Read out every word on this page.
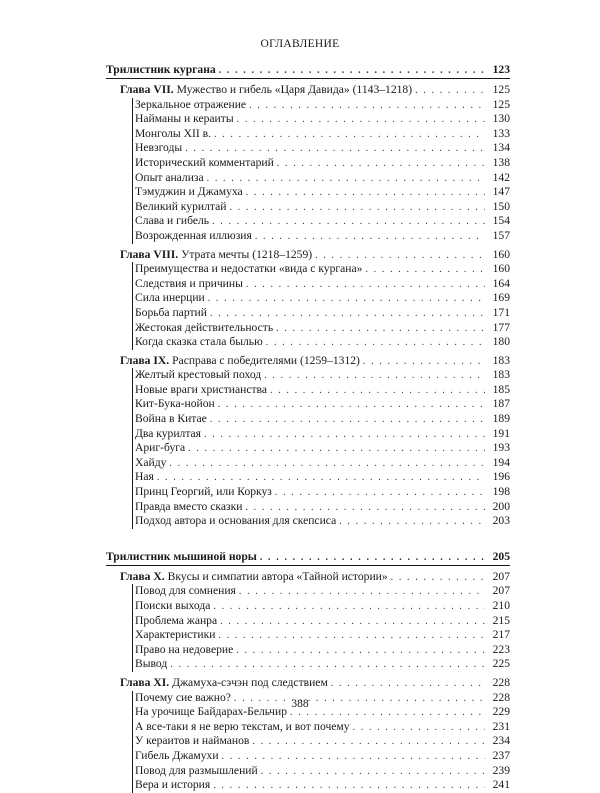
ОГЛАВЛЕНИЕ
Трилистник кургана . . .	123
Глава VII. Мужество и гибель «Царя Давида» (1143–1218) . . .	125
Зеркальное отражение . . .	125
Найманы и кераиты . . .	130
Монголы XII в. . . .	133
Невзгоды . . .	134
Исторический комментарий . . .	138
Опыт анализа . . .	142
Тэмуджин и Джамуха . . .	147
Великий курилтай . . .	150
Слава и гибель . . .	154
Возрожденная иллюзия . . .	157
Глава VIII. Утрата мечты (1218–1259) . . .	160
Преимущества и недостатки «вида с кургана» . . .	160
Следствия и причины . . .	164
Сила инерции . . .	169
Борьба партий . . .	171
Жестокая действительность . . .	177
Когда сказка стала былью . . .	180
Глава IX. Расправа с победителями (1259–1312) . . .	183
Желтый крестовый поход . . .	183
Новые враги христианства . . .	185
Кит-Бука-нойон . . .	187
Война в Китае . . .	189
Два курилтая . . .	191
Ариг-буга . . .	193
Хайду . . .	194
Ная . . .	196
Принц Георгий, или Коркуз . . .	198
Правда вместо сказки . . .	200
Подход автора и основания для скепсиса . . .	203
Трилистник мышиной норы . . .	205
Глава X. Вкусы и симпатии автора «Тайной истории» . . .	207
Повод для сомнения . . .	207
Поиски выхода . . .	210
Проблема жанра . . .	215
Характеристики . . .	217
Право на недоверие . . .	223
Вывод . . .	225
Глава XI. Джамуха-сэчэн под следствием . . .	228
Почему сие важно? . . .	228
На урочище Байдарах-Бельчир . . .	229
А все-таки я не верю текстам, и вот почему . . .	231
У кераитов и найманов . . .	234
Гибель Джамухи . . .	237
Повод для размышлений . . .	239
Вера и история . . .	241
388
